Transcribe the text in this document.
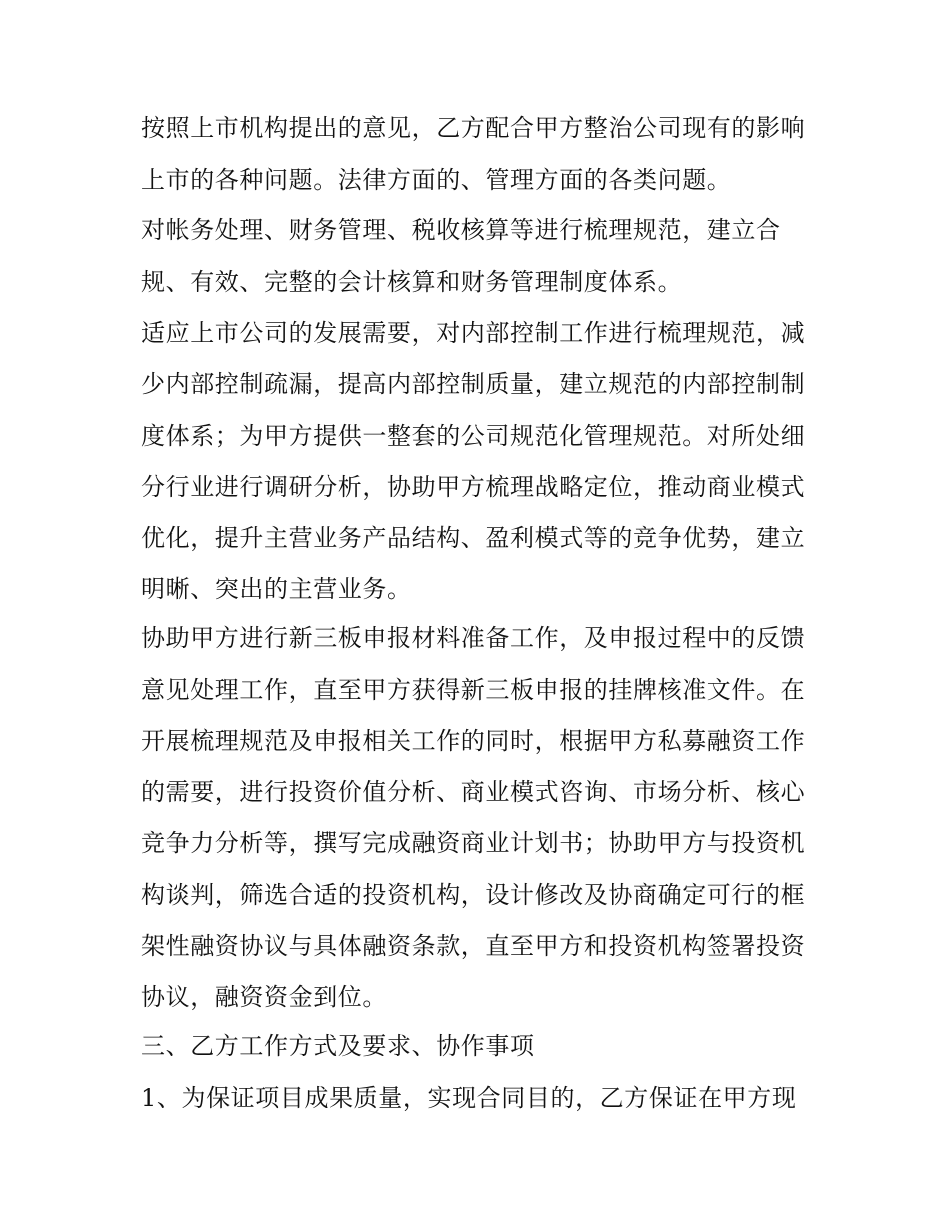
按照上市机构提出的意见，乙方配合甲方整治公司现有的影响
上市的各种问题。法律方面的、管理方面的各类问题。
对帐务处理、财务管理、税收核算等进行梳理规范，建立合
规、有效、完整的会计核算和财务管理制度体系。
适应上市公司的发展需要，对内部控制工作进行梳理规范，减
少内部控制疏漏，提高内部控制质量，建立规范的内部控制制
度体系；为甲方提供一整套的公司规范化管理规范。对所处细
分行业进行调研分析，协助甲方梳理战略定位，推动商业模式
优化，提升主营业务产品结构、盈利模式等的竞争优势，建立
明晰、突出的主营业务。
协助甲方进行新三板申报材料准备工作，及申报过程中的反馈
意见处理工作，直至甲方获得新三板申报的挂牌核准文件。在
开展梳理规范及申报相关工作的同时，根据甲方私募融资工作
的需要，进行投资价值分析、商业模式咨询、市场分析、核心
竞争力分析等，撰写完成融资商业计划书；协助甲方与投资机
构谈判，筛选合适的投资机构，设计修改及协商确定可行的框
架性融资协议与具体融资条款，直至甲方和投资机构签署投资
协议，融资资金到位。
三、乙方工作方式及要求、协作事项
1、为保证项目成果质量，实现合同目的，乙方保证在甲方现
